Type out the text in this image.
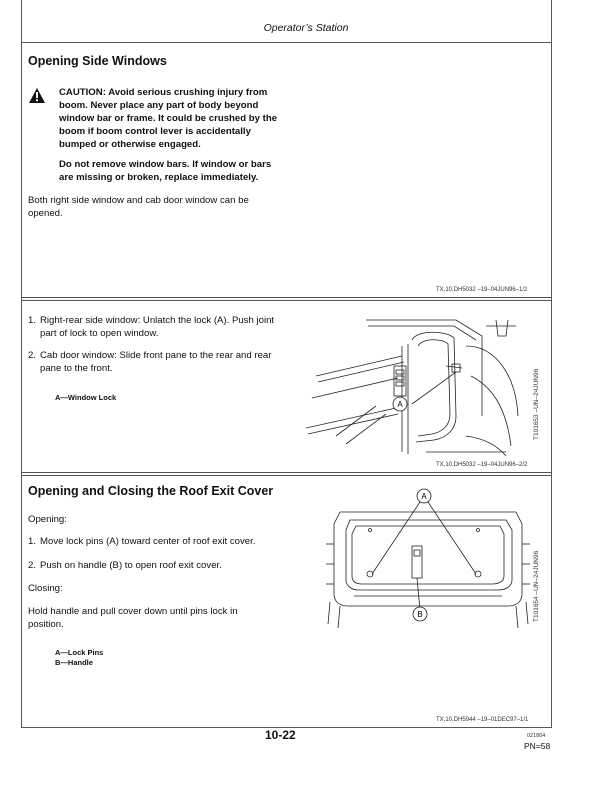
Operator’s Station
Opening Side Windows
CAUTION: Avoid serious crushing injury from
boom. Never place any part of body beyond
window bar or frame. It could be crushed by the
boom if boom control lever is accidentally
bumped or otherwise engaged.
Do not remove window bars. If window or bars
are missing or broken, replace immediately.
Both right side window and cab door window can be
opened.
TX,10,DH5032 –19–04JUN96–1/2
1. Right-rear side window: Unlatch the lock (A). Push joint
part of lock to open window.
2. Cab door window: Slide front pane to the rear and rear
pane to the front.
A—Window Lock
A	T101653 –UN–24JUN96
TX,10,DH5032 –19–04JUN96–2/2
Opening and Closing the Roof Exit Cover
Opening:
1. Move lock pins (A) toward center of roof exit cover.
2. Push on handle (B) to open roof exit cover.
Closing:
Hold handle and pull cover down until pins lock in
position.
A—Lock Pins
B—Handle
A
B	T101654 –UN–24JUN96
TX,10,DH5944 –19–01DEC97–1/1
10-22	021804
PN=58
